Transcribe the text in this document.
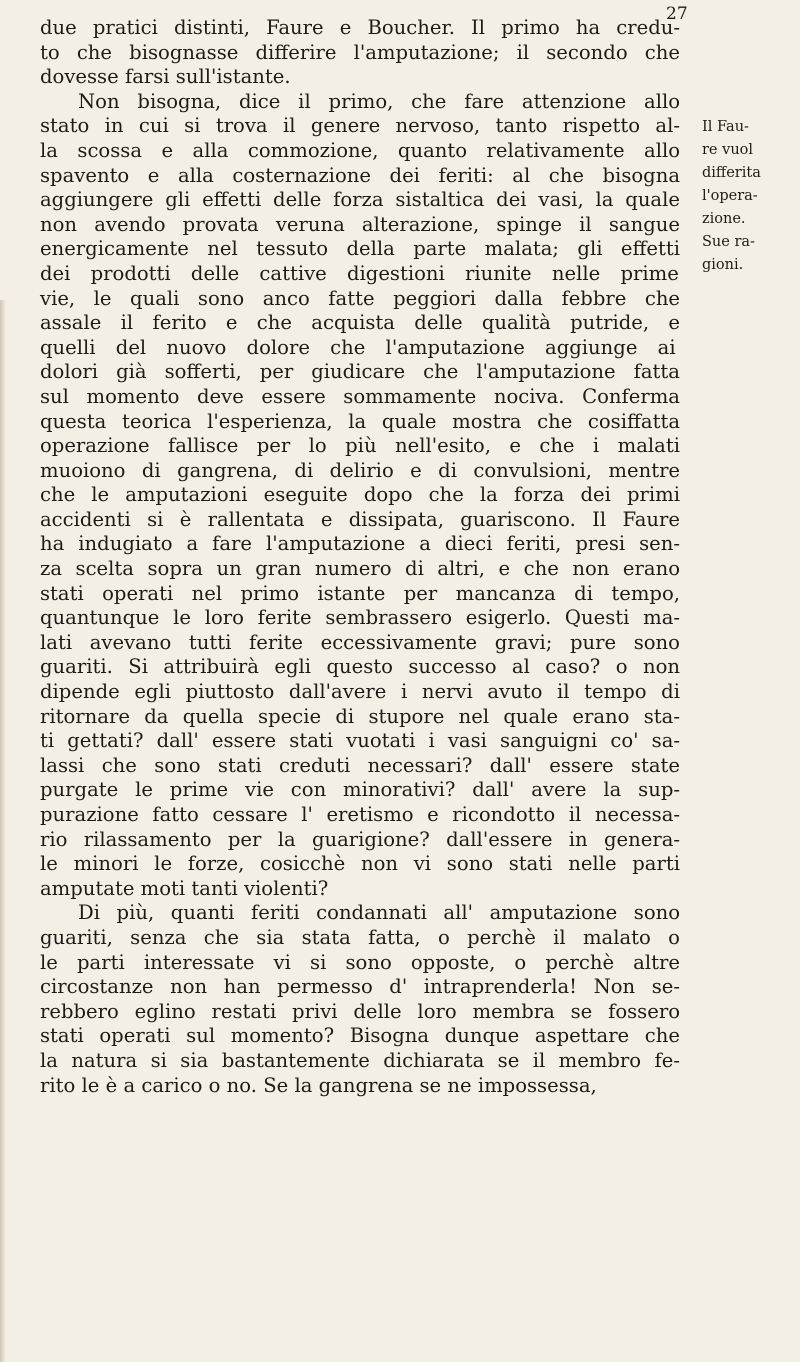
27

due pratici distinti, Faure e Boucher. Il primo ha credu-
to che bisognasse differire l'amputazione; il secondo che
dovesse farsi sull'istante.

Non bisogna, dice il primo, che fare attenzione allo
stato in cui si trova il genere nervoso, tanto rispetto al-
la scossa e alla commozione, quanto relativamente allo
spavento e alla costernazione dei feriti: al che bisogna
aggiungere gli effetti delle forza sistaltica dei vasi, la quale
non avendo provata veruna alterazione, spinge il sangue
energicamente nel tessuto della parte malata; gli effetti
dei prodotti delle cattive digestioni riunite nelle prime
vie, le quali sono anco fatte peggiori dalla febbre che
assale il ferito e che acquista delle qualità putride, e
quelli del nuovo dolore che l'amputazione aggiunge ai
dolori già sofferti, per giudicare che l'amputazione fatta
sul momento deve essere sommamente nociva. Conferma
questa teorica l'esperienza, la quale mostra che cosiffatta
operazione fallisce per lo più nell'esito, e che i malati
muoiono di gangrena, di delirio e di convulsioni, mentre
che le amputazioni eseguite dopo che la forza dei primi
accidenti si è rallentata e dissipata, guariscono. Il Faure
ha indugiato a fare l'amputazione a dieci feriti, presi sen-
za scelta sopra un gran numero di altri, e che non erano
stati operati nel primo istante per mancanza di tempo,
quantunque le loro ferite sembrassero esigerlo. Questi ma-
lati avevano tutti ferite eccessivamente gravi; pure sono
guariti. Si attribuirà egli questo successo al caso? o non
dipende egli piuttosto dall'avere i nervi avuto il tempo di
ritornare da quella specie di stupore nel quale erano sta-
ti gettati? dall' essere stati vuotati i vasi sanguigni co' sa-
lassi che sono stati creduti necessari? dall' essere state
purgate le prime vie con minorativi? dall' avere la sup-
purazione fatto cessare l' eretismo e ricondotto il necessa-
rio rilassamento per la guarigione? dall'essere in genera-
le minori le forze, cosicchè non vi sono stati nelle parti
amputate moti tanti violenti?

Di più, quanti feriti condannati all' amputazione sono
guariti, senza che sia stata fatta, o perchè il malato o
le parti interessate vi si sono opposte, o perchè altre
circostanze non han permesso d' intraprenderla! Non se-
rebbero eglino restati privi delle loro membra se fossero
stati operati sul momento? Bisogna dunque aspettare che
la natura si sia bastantemente dichiarata se il membro fe-
rito le è a carico o no. Se la gangrena se ne impossessa,

Il Fau-
re vuol
differita
l'opera-
zione.
Sue ra-
gioni.
